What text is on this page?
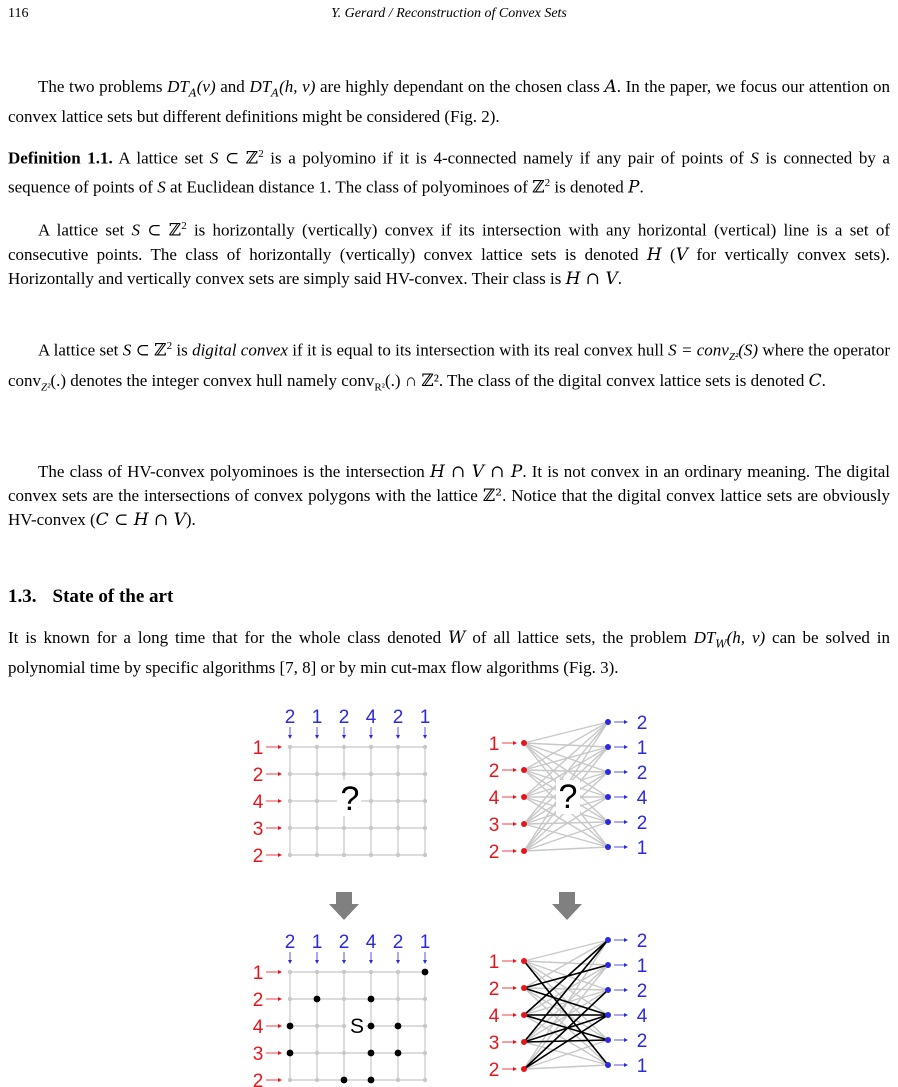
116	Y. Gerard / Reconstruction of Convex Sets

The two problems $DT_A(v)$ and $DT_A(h$, v) are highly dependant on the chosen class A. In the paper, we focus our attention on convex lattice sets but different definitions might be considered (Fig. 2).

Definition 1.1. A lattice set S ⊂ ℤ$^2$ is a polyomino if it is 4-connected namely if any pair of points of S is connected by a sequence of points of S at Euclidean distance 1. The class of polyominoes of ℤ$^2$ is denoted P.

A lattice set S ⊂ ℤ$^2$ is horizontally (vertically) convex if its intersection with any horizontal (vertical) line is a set of consecutive points. The class of horizontally (vertically) convex lattice sets is denoted H (V for vertically convex sets). Horizontally and vertically convex sets are simply said HV-convex. Their class is H ∩ V.

A lattice set S ⊂ ℤ$^2$ is digital convex if it is equal to its intersection with its real convex hull S = conv$_{Z^2}$(S) where the operator conv$_{Z^2}$(.) denotes the integer convex hull namely conv$_{R^2}$(.) ∩ ℤ². The class of the digital convex lattice sets is denoted C.

The class of HV-convex polyominoes is the intersection H ∩ V ∩ P. It is not convex in an ordinary meaning. The digital convex sets are the intersections of convex polygons with the lattice ℤ². Notice that the digital convex lattice sets are obviously HV-convex (C ⊂ H ∩ V).

1.3. State of the art

It is known for a long time that for the whole class denoted W of all lattice sets, the problem $DT_W(h$, v) can be solved in polynomial time by specific algorithms [7, 8] or by min cut-max flow algorithms (Fig. 3).

2 1 2 4 2 1
1
2
4
3
2
?
2 1 2 4 2 1
1
2
4
3
2
S
1
2
4
3
2
2
1
2
4
2
1
?
1
2
4
3
2
2
1
2
4
2
1
